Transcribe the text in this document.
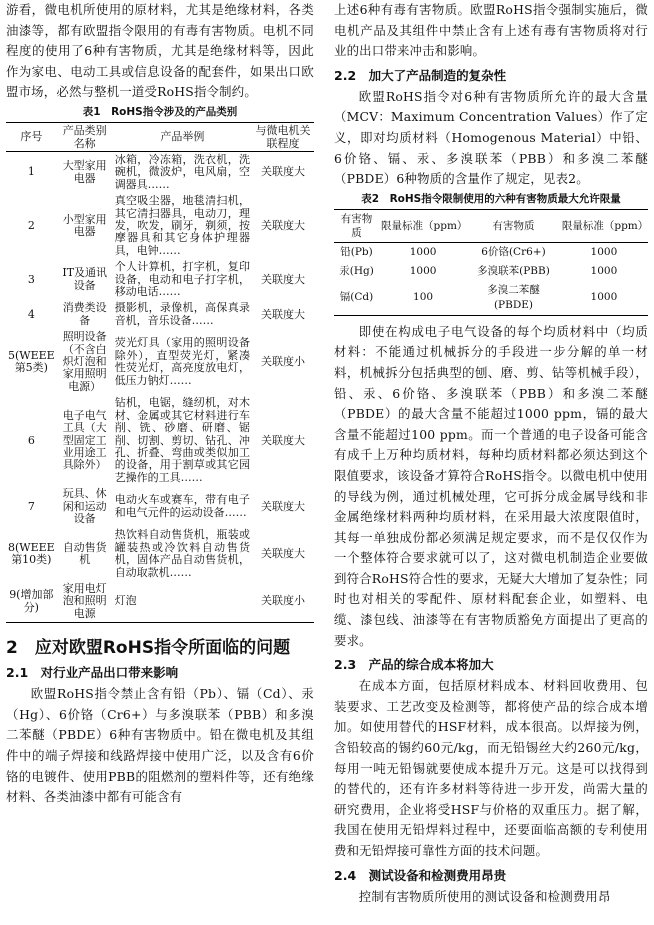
游看，微电机所使用的原材料，尤其是绝缘材料，各类油漆等，都有欧盟指令限用的有毒有害物质。电机不同程度的使用了6种有害物质，尤其是绝缘材料等，因此作为家电、电动工具或信息设备的配套件，如果出口欧盟市场，必然与整机一道受RoHS指令制约。

表1　RoHS指令涉及的产品类别
序号	产品类别名称	产品举例	与微电机关联程度
1	大型家用电器	冰箱，冷冻箱，洗衣机，洗碗机，微波炉，电风扇，空调器具……	关联度大
2	小型家用电器	真空吸尘器，地毯清扫机，其它清扫器具，电动刀，理发，吹发，刷牙，剃须，按摩器具和其它身体护理器具，电钟……	关联度大
3	IT及通讯设备	个人计算机，打字机，复印设备，电动和电子打字机，移动电话……	关联度大
4	消费类设备	摄影机，录像机，高保真录音机，音乐设备……	关联度大
5(WEEE第5类)	照明设备（不含白炽灯泡和家用照明电源）	荧光灯具（家用的照明设备除外），直型荧光灯，紧凑性荧光灯，高亮度放电灯，低压力钠灯……	关联度小
6	电子电气工具（大型固定工业用途工具除外）	钻机，电锯，缝纫机，对木材、金属或其它材料进行车削、铣、砂磨、研磨、锯削、切割、剪切、钻孔、冲孔、折叠、弯曲或类似加工的设备，用于割草或其它园艺操作的工具……	关联度大
7	玩具、休闲和运动设备	电动火车或赛车，带有电子和电气元件的运动设备……	关联度大
8(WEEE第10类)	自动售货机	热饮料自动售货机，瓶装或罐装热或冷饮料自动售货机，固体产品自动售货机，自动取款机……	关联度大
9(增加部分)	家用电灯泡和照明电源	灯泡	关联度小
2　应对欧盟RoHS指令所面临的问题
2.1　对行业产品出口带来影响

欧盟RoHS指令禁止含有铅（Pb）、镉（Cd）、汞（Hg）、6价铬（Cr6+）与多溴联苯（PBB）和多溴二苯醚（PBDE）6种有害物质中。铅在微电机及其组件中的端子焊接和线路焊接中使用广泛，以及含有6价铬的电镀件、使用PBB的阻燃剂的塑料件等，还有绝缘材料、各类油漆中都有可能含有

上述6种有毒有害物质。欧盟RoHS指令强制实施后，微电机产品及其组件中禁止含有上述有毒有害物质将对行业的出口带来冲击和影响。

2.2　加大了产品制造的复杂性

欧盟RoHS指令对6种有害物质所允许的最大含量（MCV：Maximum Concentration Values）作了定义，即对均质材料（Homogenous Material）中铅、6价铬、镉、汞、多溴联苯（PBB）和多溴二苯醚（PBDE）6种物质的含量作了规定，见表2。

表2　RoHS指令限制使用的六种有害物质最大允许限量
有害物质	限量标准（ppm）	有害物质	限量标准（ppm）
铅(Pb)	1000	6价铬(Cr6+)	1000
汞(Hg)	1000	多溴联苯(PBB)	1000
镉(Cd)	100	多溴二苯醚(PBDE)	1000

即使在构成电子电气设备的每个均质材料中（均质材料：不能通过机械拆分的手段进一步分解的单一材料，机械拆分包括典型的刨、磨、剪、钻等机械手段），铅、汞、6价铬、多溴联苯（PBB）和多溴二苯醚（PBDE）的最大含量不能超过1000 ppm，镉的最大含量不能超过100 ppm。而一个普通的电子设备可能含有成千上万种均质材料，每种均质材料都必须达到这个限值要求，该设备才算符合RoHS指令。以微电机中使用的导线为例，通过机械处理，它可拆分成金属导线和非金属绝缘材料两种均质材料，在采用最大浓度限值时，其每一单独成份都必须满足规定要求，而不是仅仅作为一个整体符合要求就可以了，这对微电机制造企业要做到符合RoHS符合性的要求，无疑大大增加了复杂性；同时也对相关的零配件、原材料配套企业，如塑料、电缆、漆包线、油漆等在有害物质豁免方面提出了更高的要求。

2.3　产品的综合成本将加大

在成本方面，包括原材料成本、材料回收费用、包装要求、工艺改变及检测等，都将使产品的综合成本增加。如使用替代的HSF材料，成本很高。以焊接为例，含铅较高的锡约60元/kg，而无铅锡丝大约260元/kg，每用一吨无铅锡就要使成本提升万元。这是可以找得到的替代的，还有许多材料等待进一步开发，尚需大量的研究费用，企业将受HSF与价格的双重压力。据了解，我国在使用无铅焊料过程中，还要面临高额的专利使用费和无铅焊接可靠性方面的技术问题。

2.4　测试设备和检测费用昂贵

控制有害物质所使用的测试设备和检测费用昂
